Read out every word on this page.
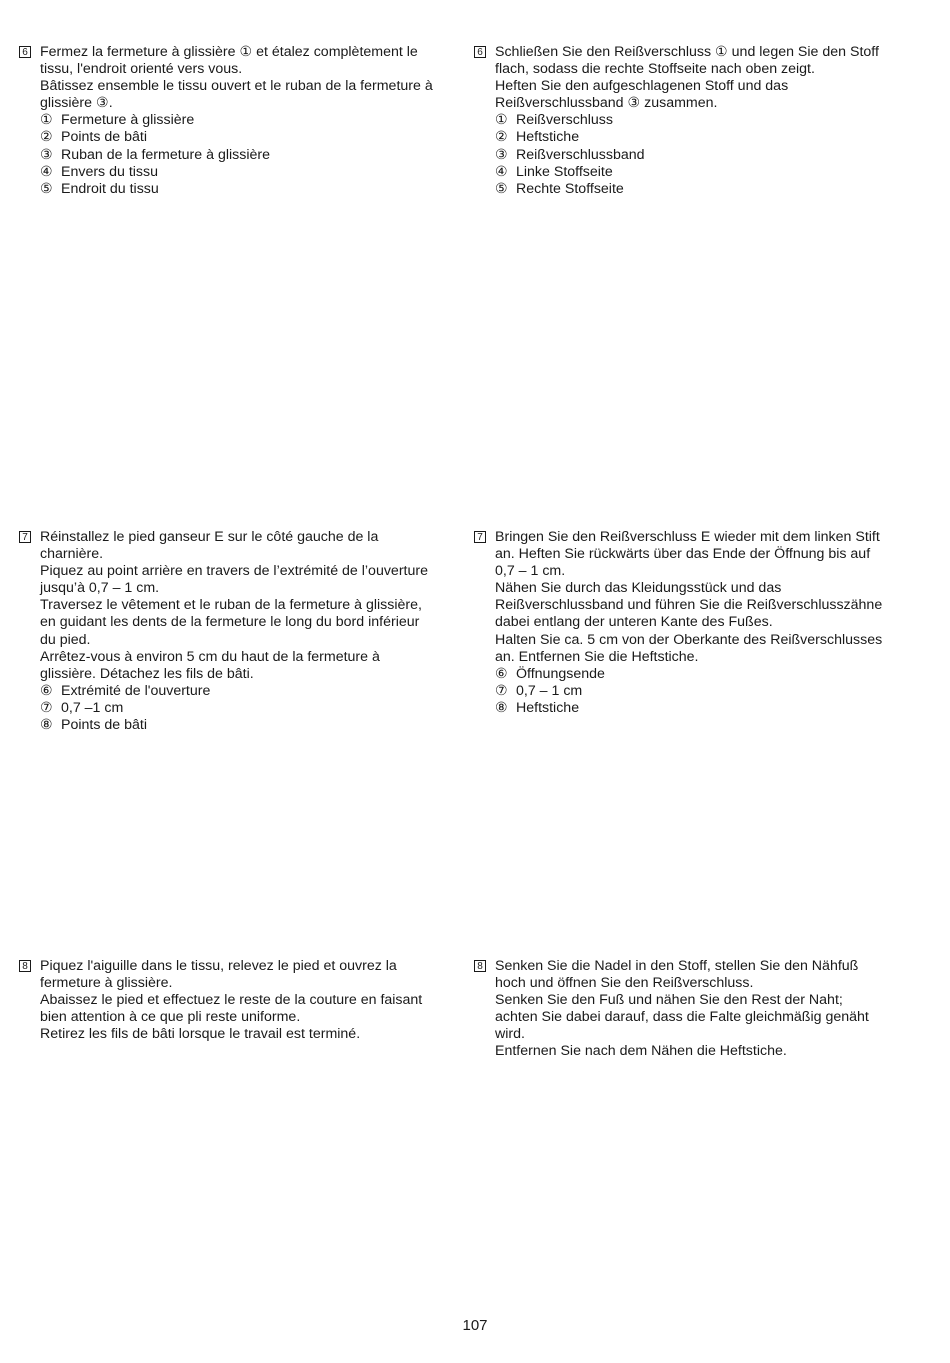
6 Fermez la fermeture à glissière ① et étalez complètement le

tissu, l'endroit orienté vers vous.

Bâtissez ensemble le tissu ouvert et le ruban de la fermeture à

glissière ③.

① Fermeture à glissière
② Points de bâti
③ Ruban de la fermeture à glissière
④ Envers du tissu
⑤ Endroit du tissu
6 Schließen Sie den Reißverschluss ① und legen Sie den Stoff

flach, sodass die rechte Stoffseite nach oben zeigt.

Heften Sie den aufgeschlagenen Stoff und das

Reißverschlussband ③ zusammen.

① Reißverschluss
② Heftstiche
③ Reißverschlussband
④ Linke Stoffseite
⑤ Rechte Stoffseite
7 Réinstallez le pied ganseur E sur le côté gauche de la

charnière.

Piquez au point arrière en travers de l’extrémité de l’ouverture

jusqu’à 0,7 – 1 cm.

Traversez le vêtement et le ruban de la fermeture à glissière,

en guidant les dents de la fermeture le long du bord inférieur

du pied.

Arrêtez-vous à environ 5 cm du haut de la fermeture à

glissière. Détachez les fils de bâti.

⑥ Extrémité de l'ouverture
⑦ 0,7 –1 cm
⑧ Points de bâti
7 Bringen Sie den Reißverschluss E wieder mit dem linken Stift

an. Heften Sie rückwärts über das Ende der Öffnung bis auf

0,7 – 1 cm.

Nähen Sie durch das Kleidungsstück und das

Reißverschlussband und führen Sie die Reißverschlusszähne

dabei entlang der unteren Kante des Fußes.

Halten Sie ca. 5 cm von der Oberkante des Reißverschlusses

an. Entfernen Sie die Heftstiche.

⑥ Öffnungsende
⑦ 0,7 – 1 cm
⑧ Heftstiche
8 Piquez l'aiguille dans le tissu, relevez le pied et ouvrez la

fermeture à glissière.

Abaissez le pied et effectuez le reste de la couture en faisant

bien attention à ce que pli reste uniforme.

Retirez les fils de bâti lorsque le travail est terminé.

8 Senken Sie die Nadel in den Stoff, stellen Sie den Nähfuß

hoch und öffnen Sie den Reißverschluss.

Senken Sie den Fuß und nähen Sie den Rest der Naht;

achten Sie dabei darauf, dass die Falte gleichmäßig genäht

wird.

Entfernen Sie nach dem Nähen die Heftstiche.

107
